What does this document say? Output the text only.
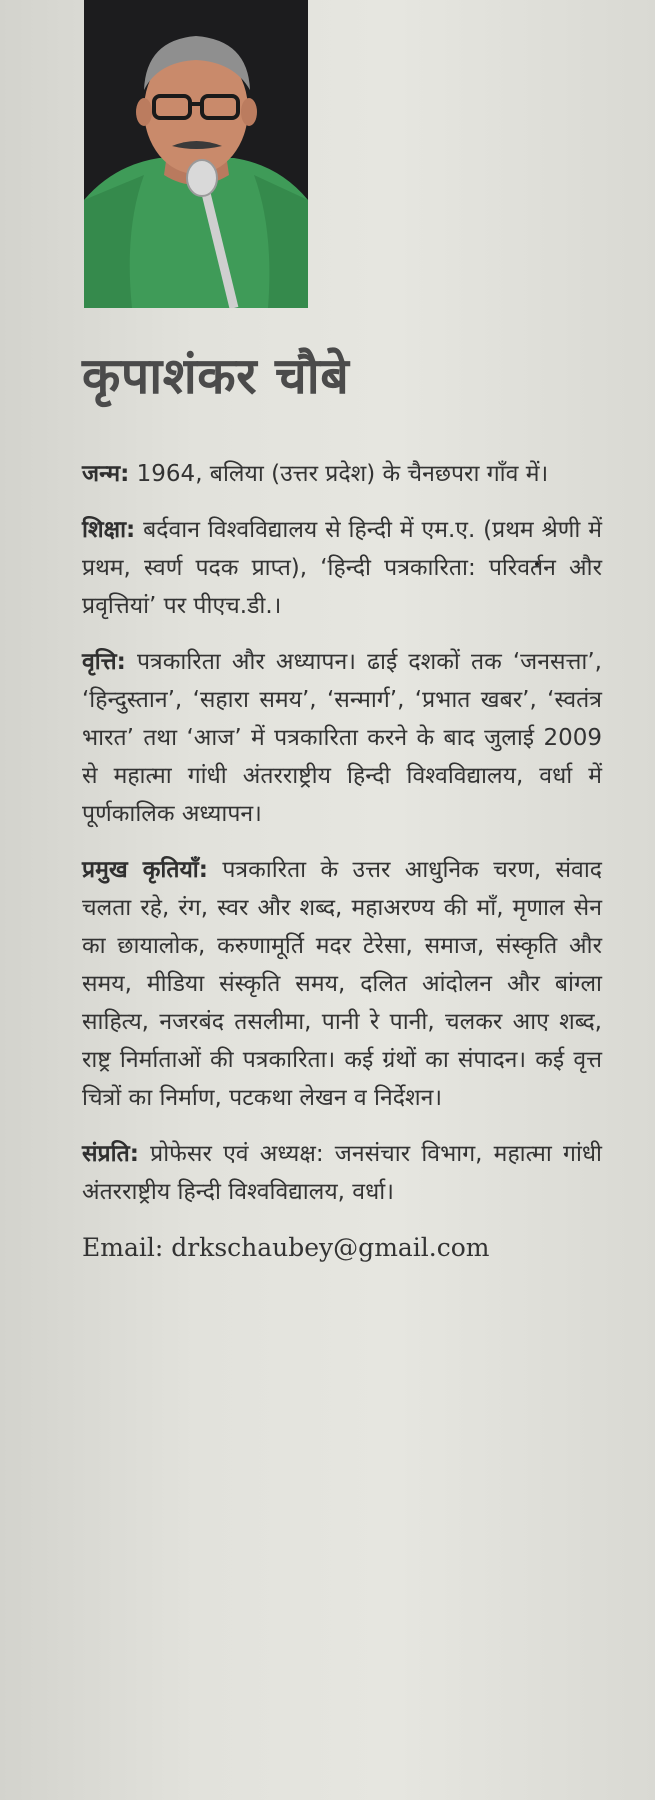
कृपाशंकर चौबे

जन्म: 1964, बलिया (उत्तर प्रदेश) के चैनछपरा गाँव में।

शिक्षा: बर्दवान विश्वविद्यालय से हिन्दी में एम.ए. (प्रथम श्रेणी में प्रथम, स्वर्ण पदक प्राप्त), ‘हिन्दी पत्रकारिता: परिवर्तन और प्रवृत्तियां’ पर पीएच.डी.।

वृत्ति: पत्रकारिता और अध्यापन। ढाई दशकों तक ‘जनसत्ता’, ‘हिन्दुस्तान’, ‘सहारा समय’, ‘सन्मार्ग’, ‘प्रभात खबर’, ‘स्वतंत्र भारत’ तथा ‘आज’ में पत्रकारिता करने के बाद जुलाई 2009 से महात्मा गांधी अंतरराष्ट्रीय हिन्दी विश्वविद्यालय, वर्धा में पूर्णकालिक अध्यापन।

प्रमुख कृतियाँ: पत्रकारिता के उत्तर आधुनिक चरण, संवाद चलता रहे, रंग, स्वर और शब्द, महाअरण्य की माँ, मृणाल सेन का छायालोक, करुणामूर्ति मदर टेरेसा, समाज, संस्कृति और समय, मीडिया संस्कृति समय, दलित आंदोलन और बांग्ला साहित्य, नजरबंद तसलीमा, पानी रे पानी, चलकर आए शब्द, राष्ट्र निर्माताओं की पत्रकारिता। कई ग्रंथों का संपादन। कई वृत्त चित्रों का निर्माण, पटकथा लेखन व निर्देशन।

संप्रति: प्रोफेसर एवं अध्यक्ष: जनसंचार विभाग, महात्मा गांधी अंतरराष्ट्रीय हिन्दी विश्वविद्यालय, वर्धा।

Email: drkschaubey@gmail.com
